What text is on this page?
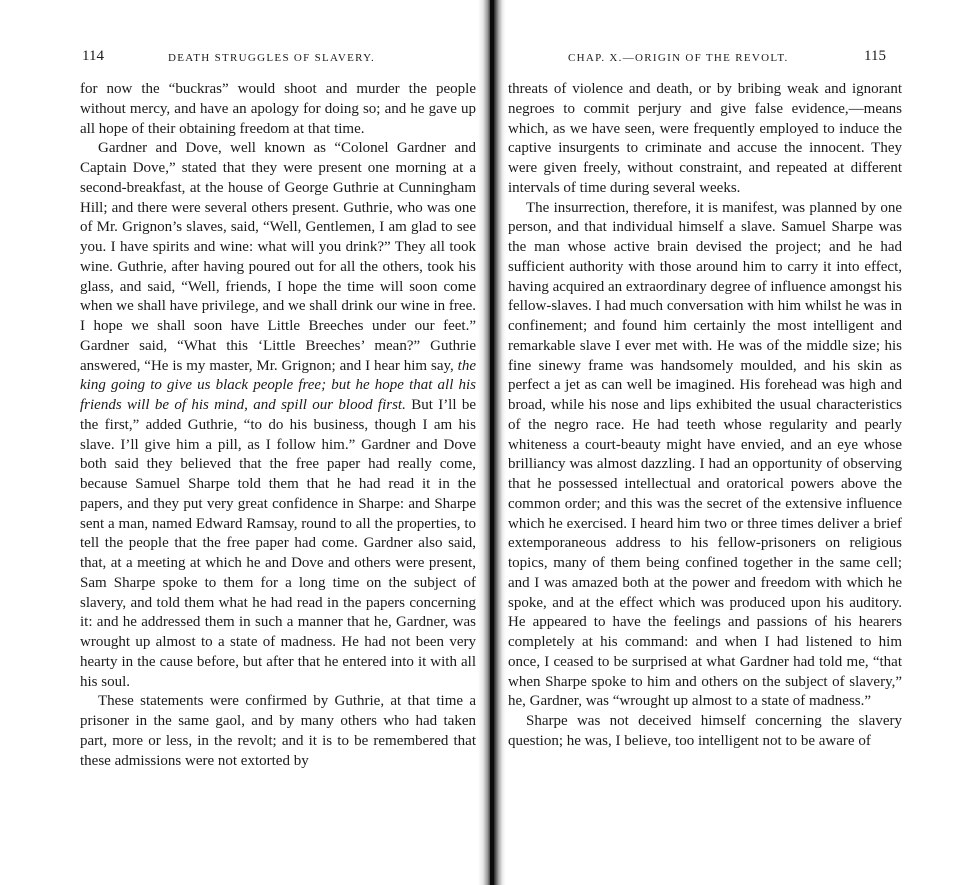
114	DEATH STRUGGLES OF SLAVERY.

for now the “buckras” would shoot and murder the people without mercy, and have an apology for doing so; and he gave up all hope of their obtaining freedom at that time.

Gardner and Dove, well known as “Colonel Gardner and Captain Dove,” stated that they were present one morning at a second-breakfast, at the house of George Guthrie at Cunningham Hill; and there were several others present. Guthrie, who was one of Mr. Grignon’s slaves, said, “Well, Gentlemen, I am glad to see you. I have spirits and wine: what will you drink?” They all took wine. Guthrie, after having poured out for all the others, took his glass, and said, “Well, friends, I hope the time will soon come when we shall have privilege, and we shall drink our wine in free. I hope we shall soon have Little Breeches under our feet.” Gardner said, “What this ‘Little Breeches’ mean?” Guthrie answered, “He is my master, Mr. Grignon; and I hear him say, the king going to give us black people free; but he hope that all his friends will be of his mind, and spill our blood first. But I’ll be the first,” added Guthrie, “to do his business, though I am his slave. I’ll give him a pill, as I follow him.” Gardner and Dove both said they believed that the free paper had really come, because Samuel Sharpe told them that he had read it in the papers, and they put very great confidence in Sharpe: and Sharpe sent a man, named Edward Ramsay, round to all the properties, to tell the people that the free paper had come. Gardner also said, that, at a meeting at which he and Dove and others were present, Sam Sharpe spoke to them for a long time on the subject of slavery, and told them what he had read in the papers concerning it: and he addressed them in such a manner that he, Gardner, was wrought up almost to a state of madness. He had not been very hearty in the cause before, but after that he entered into it with all his soul.

These statements were confirmed by Guthrie, at that time a prisoner in the same gaol, and by many others who had taken part, more or less, in the revolt; and it is to be remembered that these admissions were not extorted by

CHAP. X.—ORIGIN OF THE REVOLT.	115

threats of violence and death, or by bribing weak and ignorant negroes to commit perjury and give false evidence,—means which, as we have seen, were frequently employed to induce the captive insurgents to criminate and accuse the innocent. They were given freely, without constraint, and repeated at different intervals of time during several weeks.

The insurrection, therefore, it is manifest, was planned by one person, and that individual himself a slave. Samuel Sharpe was the man whose active brain devised the project; and he had sufficient authority with those around him to carry it into effect, having acquired an extraordinary degree of influence amongst his fellow-slaves. I had much conversation with him whilst he was in confinement; and found him certainly the most intelligent and remarkable slave I ever met with. He was of the middle size; his fine sinewy frame was handsomely moulded, and his skin as perfect a jet as can well be imagined. His forehead was high and broad, while his nose and lips exhibited the usual characteristics of the negro race. He had teeth whose regularity and pearly whiteness a court-beauty might have envied, and an eye whose brilliancy was almost dazzling. I had an opportunity of observing that he possessed intellectual and oratorical powers above the common order; and this was the secret of the extensive influence which he exercised. I heard him two or three times deliver a brief extemporaneous address to his fellow-prisoners on religious topics, many of them being confined together in the same cell; and I was amazed both at the power and freedom with which he spoke, and at the effect which was produced upon his auditory. He appeared to have the feelings and passions of his hearers completely at his command: and when I had listened to him once, I ceased to be surprised at what Gardner had told me, “that when Sharpe spoke to him and others on the subject of slavery,” he, Gardner, was “wrought up almost to a state of madness.”

Sharpe was not deceived himself concerning the slavery question; he was, I believe, too intelligent not to be aware of
